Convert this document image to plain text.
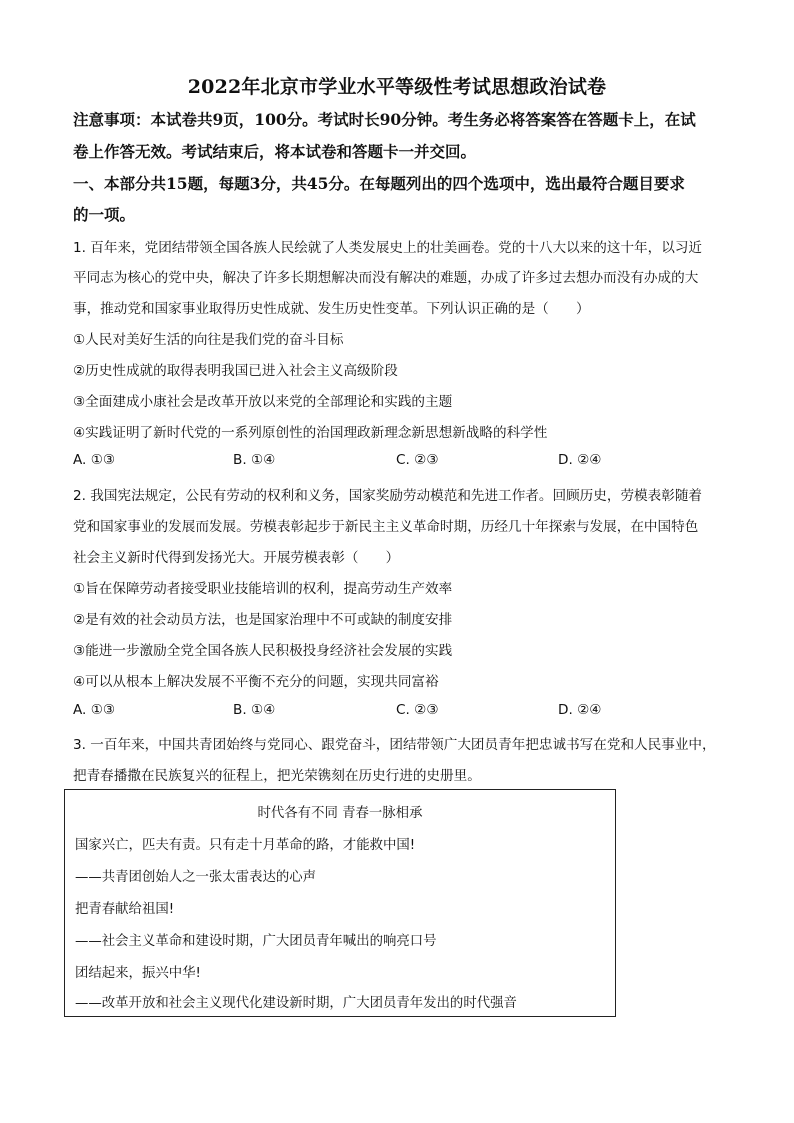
2022年北京市学业水平等级性考试思想政治试卷
注意事项：本试卷共9页，100分。考试时长90分钟。考生务必将答案答在答题卡上，在试
卷上作答无效。考试结束后，将本试卷和答题卡一并交回。
一、本部分共15题，每题3分，共45分。在每题列出的四个选项中，选出最符合题目要求
的一项。
1. 百年来，党团结带领全国各族人民绘就了人类发展史上的壮美画卷。党的十八大以来的这十年，以习近
平同志为核心的党中央，解决了许多长期想解决而没有解决的难题，办成了许多过去想办而没有办成的大
事，推动党和国家事业取得历史性成就、发生历史性变革。下列认识正确的是（　　）
①人民对美好生活的向往是我们党的奋斗目标
②历史性成就的取得表明我国已进入社会主义高级阶段
③全面建成小康社会是改革开放以来党的全部理论和实践的主题
④实践证明了新时代党的一系列原创性的治国理政新理念新思想新战略的科学性
A. ①③	B. ①④	C. ②③	D. ②④
2. 我国宪法规定，公民有劳动的权利和义务，国家奖励劳动模范和先进工作者。回顾历史，劳模表彰随着
党和国家事业的发展而发展。劳模表彰起步于新民主主义革命时期，历经几十年探索与发展，在中国特色
社会主义新时代得到发扬光大。开展劳模表彰（　　）
①旨在保障劳动者接受职业技能培训的权利，提高劳动生产效率
②是有效的社会动员方法，也是国家治理中不可或缺的制度安排
③能进一步激励全党全国各族人民积极投身经济社会发展的实践
④可以从根本上解决发展不平衡不充分的问题，实现共同富裕
A. ①③	B. ①④	C. ②③	D. ②④
3. 一百年来，中国共青团始终与党同心、跟党奋斗，团结带领广大团员青年把忠诚书写在党和人民事业中，
把青春播撒在民族复兴的征程上，把光荣镌刻在历史行进的史册里。
时代各有不同 青春一脉相承
国家兴亡，匹夫有责。只有走十月革命的路，才能救中国!
——共青团创始人之一张太雷表达的心声
把青春献给祖国!
——社会主义革命和建设时期，广大团员青年喊出的响亮口号
团结起来，振兴中华!
——改革开放和社会主义现代化建设新时期，广大团员青年发出的时代强音
